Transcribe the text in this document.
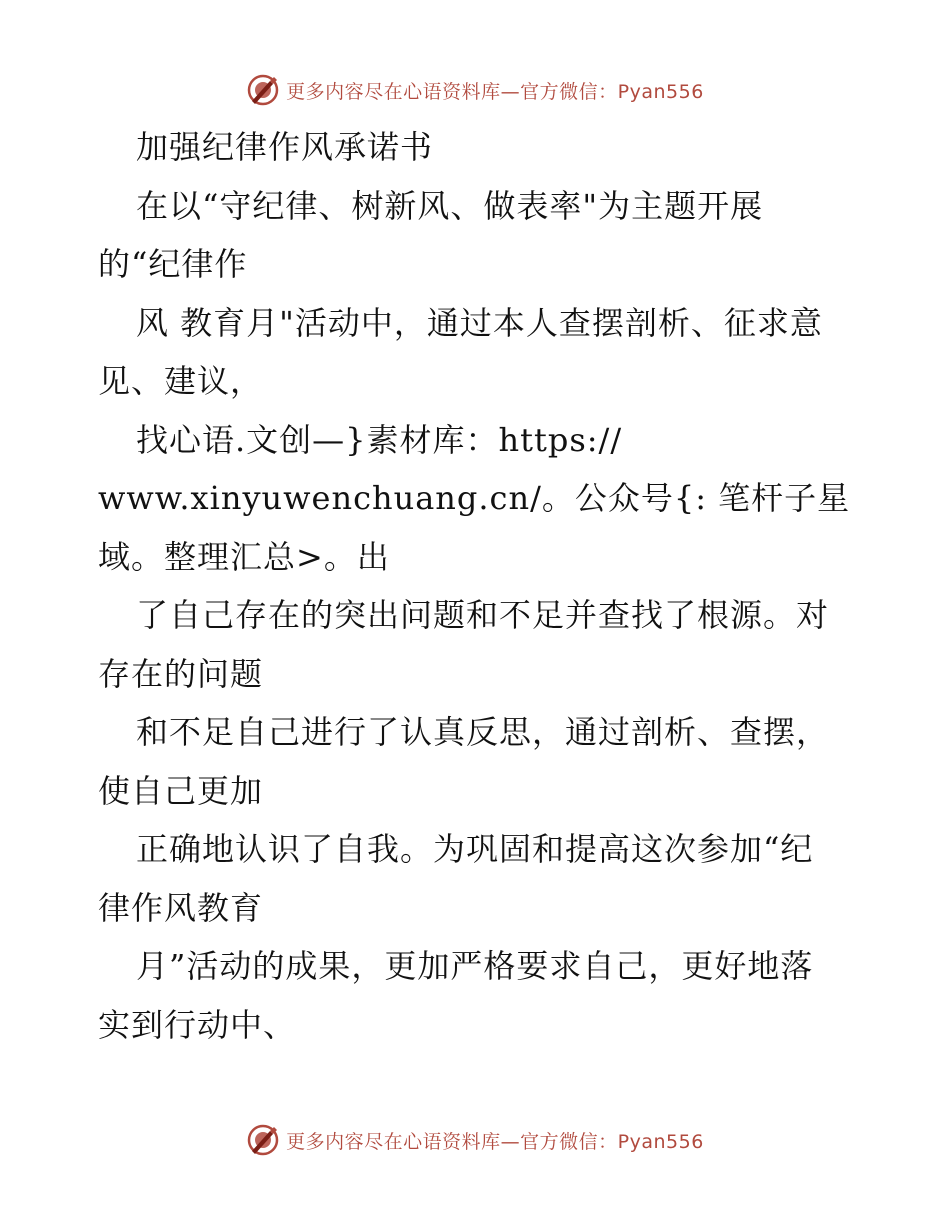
更多内容尽在心语资料库—官方微信：Pyan556
加强纪律作风承诺书
在以“守纪律、树新风、做表率"为主题开展
的“纪律作
风 教育月"活动中，通过本人查摆剖析、征求意
见、建议，
找心语.文创—}素材库：https://
www.xinyuwenchuang.cn/。公众号{: 笔杆子星
域。整理汇总>。出
了自己存在的突出问题和不足并查找了根源。对
存在的问题
和不足自己进行了认真反思，通过剖析、查摆，
使自己更加
正确地认识了自我。为巩固和提高这次参加“纪
律作风教育
月”活动的成果，更加严格要求自己，更好地落
实到行动中、
更多内容尽在心语资料库—官方微信：Pyan556
